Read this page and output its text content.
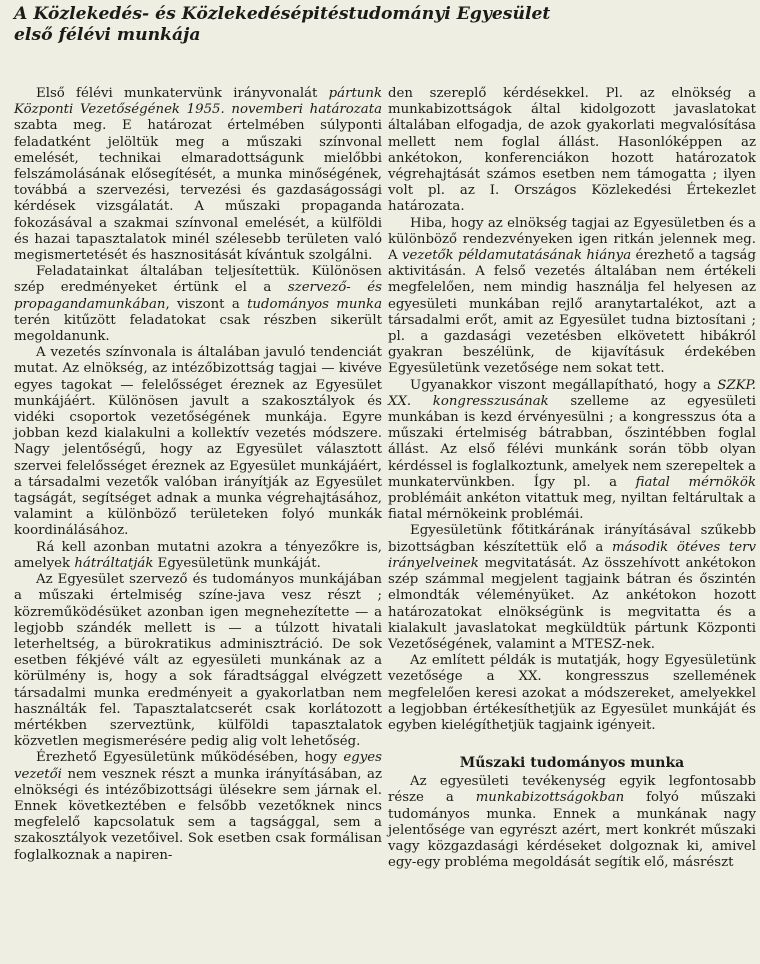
A Közlekedés- és Közlekedésépitéstudományi Egyesület
első félévi munkája

Első félévi munkatervünk irányvonalát pártunk Központi Vezetőségének 1955. novemberi határozata szabta meg. E határozat értelmében súlyponti feladatként jelöltük meg a műszaki színvonal emelését, technikai elmaradottságunk mielőbbi felszámolásának elősegítését, a munka minőségének, továbbá a szervezési, tervezési és gazdaságossági kérdések vizsgálatát. A műszaki propaganda fokozásával a szakmai színvonal emelését, a külföldi és hazai tapasztalatok minél szélesebb területen való megismertetését és hasznositását kívántuk szolgálni.

Feladatainkat általában teljesítettük. Különösen szép eredményeket értünk el a szervező- és propagandamunkában, viszont a tudományos munka terén kitűzött feladatokat csak részben sikerült megoldanunk.

A vezetés színvonala is általában javuló tendenciát mutat. Az elnökség, az intézőbizottság tagjai — kivéve egyes tagokat — felelősséget éreznek az Egyesület munkájáért. Különösen javult a szakosztályok és vidéki csoportok vezetőségének munkája. Egyre jobban kezd kialakulni a kollektív vezetés módszere. Nagy jelentőségű, hogy az Egyesület választott szervei felelősséget éreznek az Egyesület munkájáért, a társadalmi vezetők valóban irányítják az Egyesület tagságát, segítséget adnak a munka végrehajtásához, valamint a különböző területeken folyó munkák koordinálásához.

Rá kell azonban mutatni azokra a tényezőkre is, amelyek hátráltatják Egyesületünk munkáját.

Az Egyesület szervező és tudományos munkájában a műszaki értelmiség színe-java vesz részt ; közreműködésüket azonban igen megnehezítette — a legjobb szándék mellett is — a túlzott hivatali leterheltség, a bürokratikus adminisztráció. De sok esetben fékjévé vált az egyesületi munkának az a körülmény is, hogy a sok fáradtsággal elvégzett társadalmi munka eredményeit a gyakorlatban nem használták fel. Tapasztalatcserét csak korlátozott mértékben szerveztünk, külföldi tapasztalatok közvetlen megismerésére pedig alig volt lehetőség.

Érezhető Egyesületünk működésében, hogy egyes vezetői nem vesznek részt a munka irányításában, az elnökségi és intézőbizottsági ülésekre sem járnak el. Ennek következtében e felsőbb vezetőknek nincs megfelelő kapcsolatuk sem a tagsággal, sem a szakosztályok vezetőivel. Sok esetben csak formálisan foglalkoznak a napiren-

den szereplő kérdésekkel. Pl. az elnökség a munkabizottságok által kidolgozott javaslatokat általában elfogadja, de azok gyakorlati megvalósítása mellett nem foglal állást. Hasonlóképpen az ankétokon, konferenciákon hozott határozatok végrehajtását számos esetben nem támogatta ; ilyen volt pl. az I. Országos Közlekedési Értekezlet határozata.

Hiba, hogy az elnökség tagjai az Egyesületben és a különböző rendezvényeken igen ritkán jelennek meg. A vezetők példamutatásának hiánya érezhető a tagság aktivitásán. A felső vezetés általában nem értékeli megfelelően, nem mindig használja fel helyesen az egyesületi munkában rejlő aranytartalékot, azt a társadalmi erőt, amit az Egyesület tudna biztosítani ; pl. a gazdasági vezetésben elkövetett hibákról gyakran beszélünk, de kijavításuk érdekében Egyesületünk vezetősége nem sokat tett.

Ugyanakkor viszont megállapítható, hogy a SZKP. XX. kongresszusának szelleme az egyesületi munkában is kezd érvényesülni ; a kongresszus óta a műszaki értelmiség bátrabban, őszintébben foglal állást. Az első félévi munkánk során több olyan kérdéssel is foglalkoztunk, amelyek nem szerepeltek a munkatervünkben. Így pl. a fiatal mérnökök problémáit ankéton vitattuk meg, nyiltan feltárultak a fiatal mérnökeink problémái.

Egyesületünk főtitkárának irányításával szűkebb bizottságban készítettük elő a második ötéves terv irányelveinek megvitatását. Az összehívott ankétokon szép számmal megjelent tagjaink bátran és őszintén elmondták véleményüket. Az ankétokon hozott határozatokat elnökségünk is megvitatta és a kialakult javaslatokat megküldtük pártunk Központi Vezetőségének, valamint a MTESZ-nek.

Az említett példák is mutatják, hogy Egyesületünk vezetősége a XX. kongresszus szellemének megfelelően keresi azokat a módszereket, amelyekkel a legjobban értékesíthetjük az Egyesület munkáját és egyben kielégíthetjük tagjaink igényeit.

Műszaki tudományos munka

Az egyesületi tevékenység egyik legfontosabb része a munkabizottságokban folyó műszaki tudományos munka. Ennek a munkának nagy jelentősége van egyrészt azért, mert konkrét műszaki vagy közgazdasági kérdéseket dolgoznak ki, amivel egy-egy probléma megoldását segítik elő, másrészt
